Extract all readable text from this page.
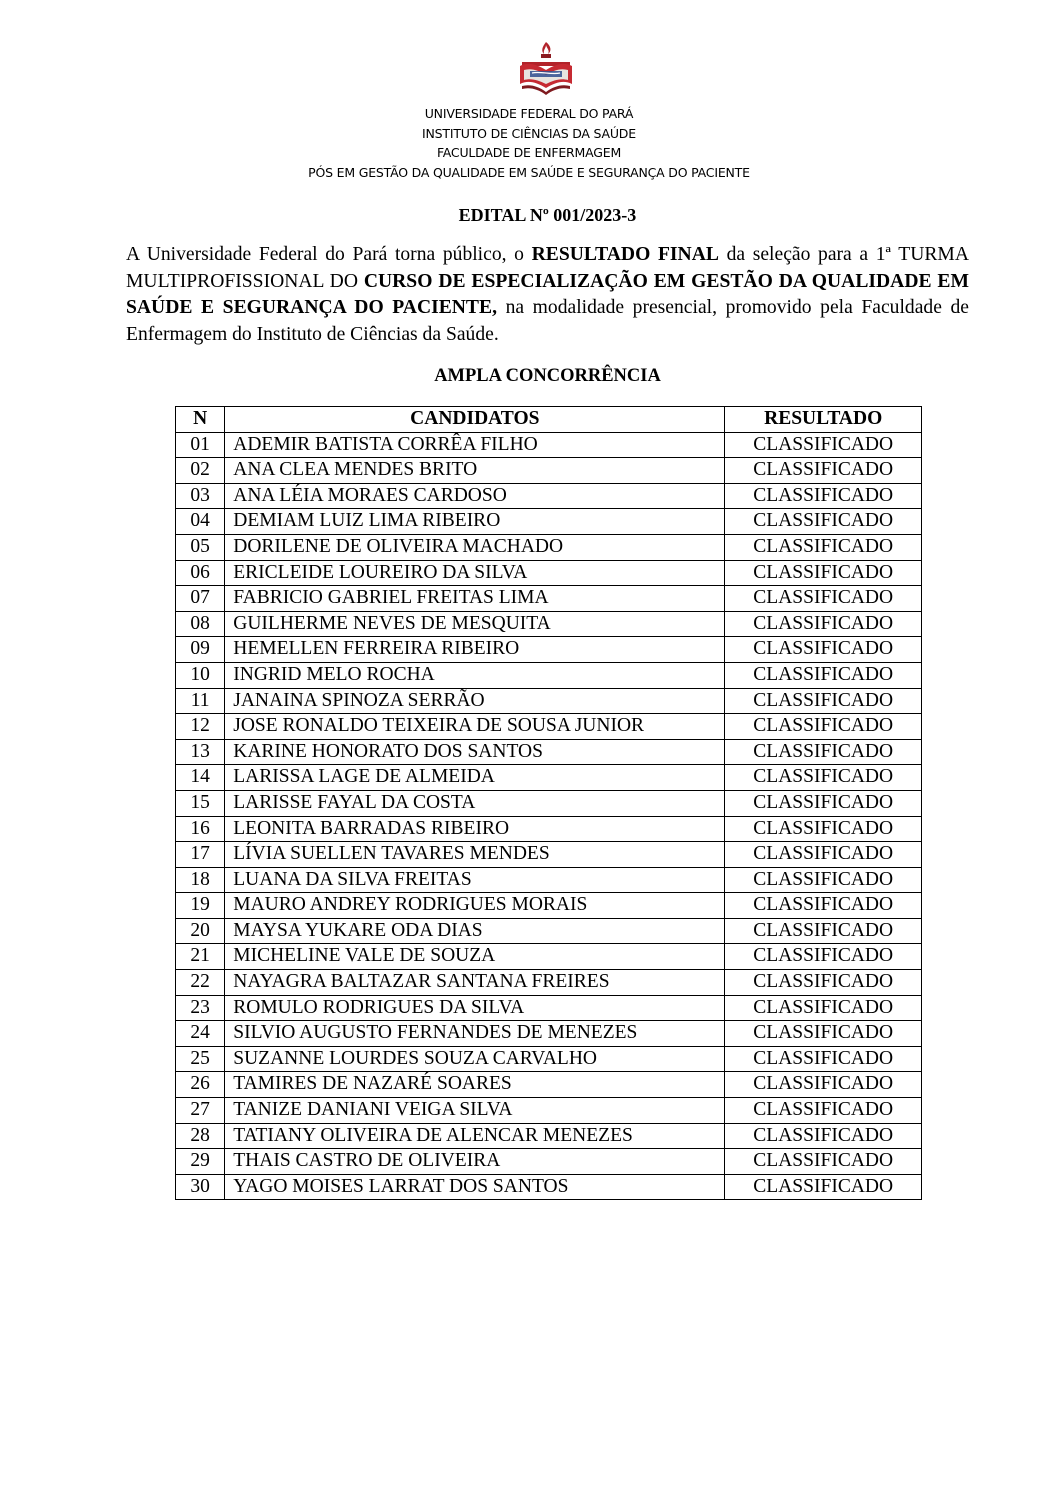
UNIVERSIDADE FEDERAL DO PARÁ
INSTITUTO DE CIÊNCIAS DA SAÚDE
FACULDADE DE ENFERMAGEM
PÓS EM GESTÃO DA QUALIDADE EM SAÚDE E SEGURANÇA DO PACIENTE
EDITAL Nº 001/2023-3
A Universidade Federal do Pará torna público, o RESULTADO FINAL da seleção para a 1ª TURMA MULTIPROFISSIONAL DO CURSO DE ESPECIALIZAÇÃO EM GESTÃO DA QUALIDADE EM SAÚDE E SEGURANÇA DO PACIENTE, na modalidade presencial, promovido pela Faculdade de Enfermagem do Instituto de Ciências da Saúde.
AMPLA CONCORRÊNCIA
N	CANDIDATOS	RESULTADO
01	ADEMIR BATISTA CORRÊA FILHO	CLASSIFICADO
02	ANA CLEA MENDES BRITO	CLASSIFICADO
03	ANA LÉIA MORAES CARDOSO	CLASSIFICADO
04	DEMIAM LUIZ LIMA RIBEIRO	CLASSIFICADO
05	DORILENE DE OLIVEIRA MACHADO	CLASSIFICADO
06	ERICLEIDE LOUREIRO DA SILVA	CLASSIFICADO
07	FABRICIO GABRIEL FREITAS LIMA	CLASSIFICADO
08	GUILHERME NEVES DE MESQUITA	CLASSIFICADO
09	HEMELLEN FERREIRA RIBEIRO	CLASSIFICADO
10	INGRID MELO ROCHA	CLASSIFICADO
11	JANAINA SPINOZA SERRÃO	CLASSIFICADO
12	JOSE RONALDO TEIXEIRA DE SOUSA JUNIOR	CLASSIFICADO
13	KARINE HONORATO DOS SANTOS	CLASSIFICADO
14	LARISSA LAGE DE ALMEIDA	CLASSIFICADO
15	LARISSE FAYAL DA COSTA	CLASSIFICADO
16	LEONITA BARRADAS RIBEIRO	CLASSIFICADO
17	LÍVIA SUELLEN TAVARES MENDES	CLASSIFICADO
18	LUANA DA SILVA FREITAS	CLASSIFICADO
19	MAURO ANDREY RODRIGUES MORAIS	CLASSIFICADO
20	MAYSA YUKARE ODA DIAS	CLASSIFICADO
21	MICHELINE VALE DE SOUZA	CLASSIFICADO
22	NAYAGRA BALTAZAR SANTANA FREIRES	CLASSIFICADO
23	ROMULO RODRIGUES DA SILVA	CLASSIFICADO
24	SILVIO AUGUSTO FERNANDES DE MENEZES	CLASSIFICADO
25	SUZANNE LOURDES SOUZA CARVALHO	CLASSIFICADO
26	TAMIRES DE NAZARÉ SOARES	CLASSIFICADO
27	TANIZE DANIANI VEIGA SILVA	CLASSIFICADO
28	TATIANY OLIVEIRA DE ALENCAR MENEZES	CLASSIFICADO
29	THAIS CASTRO DE OLIVEIRA	CLASSIFICADO
30	YAGO MOISES LARRAT DOS SANTOS	CLASSIFICADO
